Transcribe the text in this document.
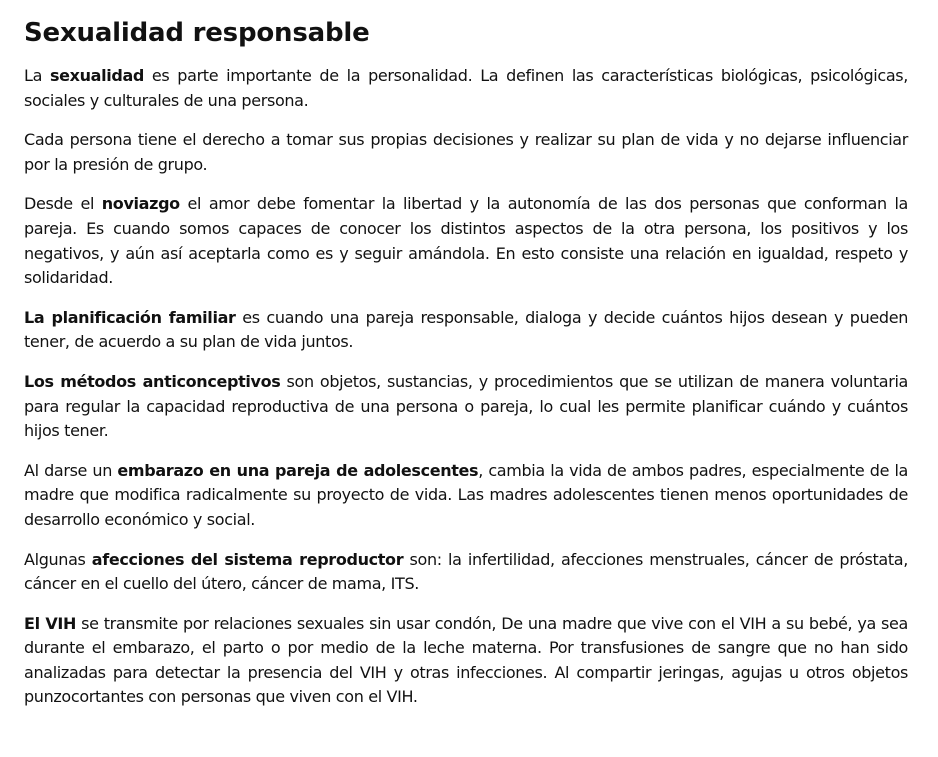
Sexualidad responsable

La sexualidad es parte importante de la personalidad. La definen las características biológicas, psicológicas, sociales y culturales de una persona.

Cada persona tiene el derecho a tomar sus propias decisiones y realizar su plan de vida y no dejarse influenciar por la presión de grupo.

Desde el noviazgo el amor debe fomentar la libertad y la autonomía de las dos personas que conforman la pareja. Es cuando somos capaces de conocer los distintos aspectos de la otra persona, los positivos y los negativos, y aún así aceptarla como es y seguir amándola. En esto consiste una relación en igualdad, respeto y solidaridad.

La planificación familiar es cuando una pareja responsable, dialoga y decide cuántos hijos desean y pueden tener, de acuerdo a su plan de vida juntos.

Los métodos anticonceptivos son objetos, sustancias, y procedimientos que se utilizan de manera voluntaria para regular la capacidad reproductiva de una persona o pareja, lo cual les permite planificar cuándo y cuántos hijos tener.

Al darse un embarazo en una pareja de adolescentes, cambia la vida de ambos padres, especialmente de la madre que modifica radicalmente su proyecto de vida. Las madres adolescentes tienen menos oportunidades de desarrollo económico y social.

Algunas afecciones del sistema reproductor son: la infertilidad, afecciones menstruales, cáncer de próstata, cáncer en el cuello del útero, cáncer de mama, ITS.

El VIH se transmite por relaciones sexuales sin usar condón, De una madre que vive con el VIH a su bebé, ya sea durante el embarazo, el parto o por medio de la leche materna. Por transfusiones de sangre que no han sido analizadas para detectar la presencia del VIH y otras infecciones. Al compartir jeringas, agujas u otros objetos punzocortantes con personas que viven con el VIH.
